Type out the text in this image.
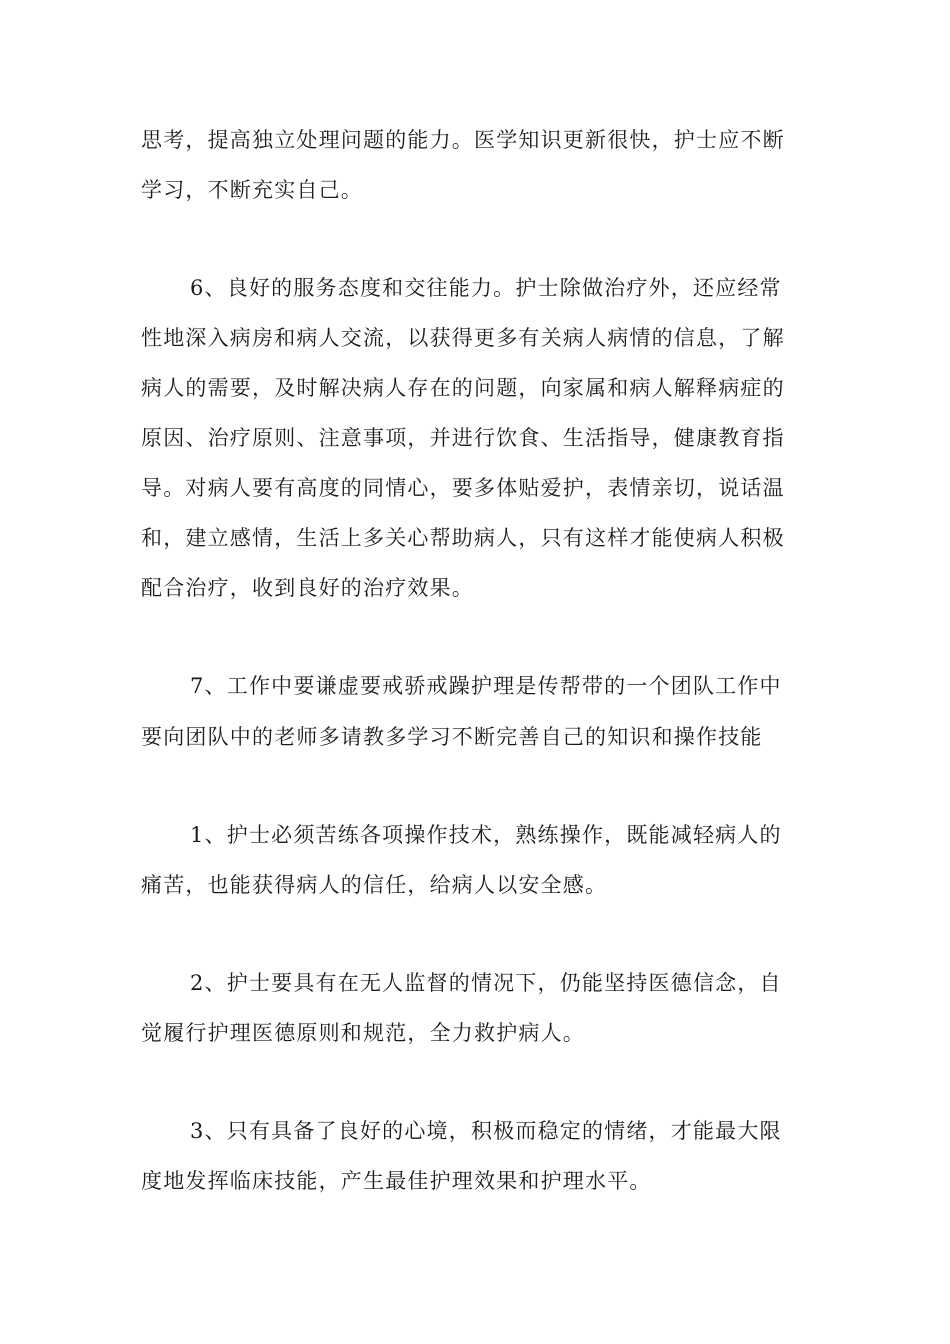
思考，提高独立处理问题的能力。医学知识更新很快，护士应不断
学习，不断充实自己。
6、良好的服务态度和交往能力。护士除做治疗外，还应经常
性地深入病房和病人交流，以获得更多有关病人病情的信息，了解
病人的需要，及时解决病人存在的问题，向家属和病人解释病症的
原因、治疗原则、注意事项，并进行饮食、生活指导，健康教育指
导。对病人要有高度的同情心，要多体贴爱护，表情亲切，说话温
和，建立感情，生活上多关心帮助病人，只有这样才能使病人积极
配合治疗，收到良好的治疗效果。
7、工作中要谦虚要戒骄戒躁护理是传帮带的一个团队工作中
要向团队中的老师多请教多学习不断完善自己的知识和操作技能
1、护士必须苦练各项操作技术，熟练操作，既能减轻病人的
痛苦，也能获得病人的信任，给病人以安全感。
2、护士要具有在无人监督的情况下，仍能坚持医德信念，自
觉履行护理医德原则和规范，全力救护病人。
3、只有具备了良好的心境，积极而稳定的情绪，才能最大限
度地发挥临床技能，产生最佳护理效果和护理水平。
